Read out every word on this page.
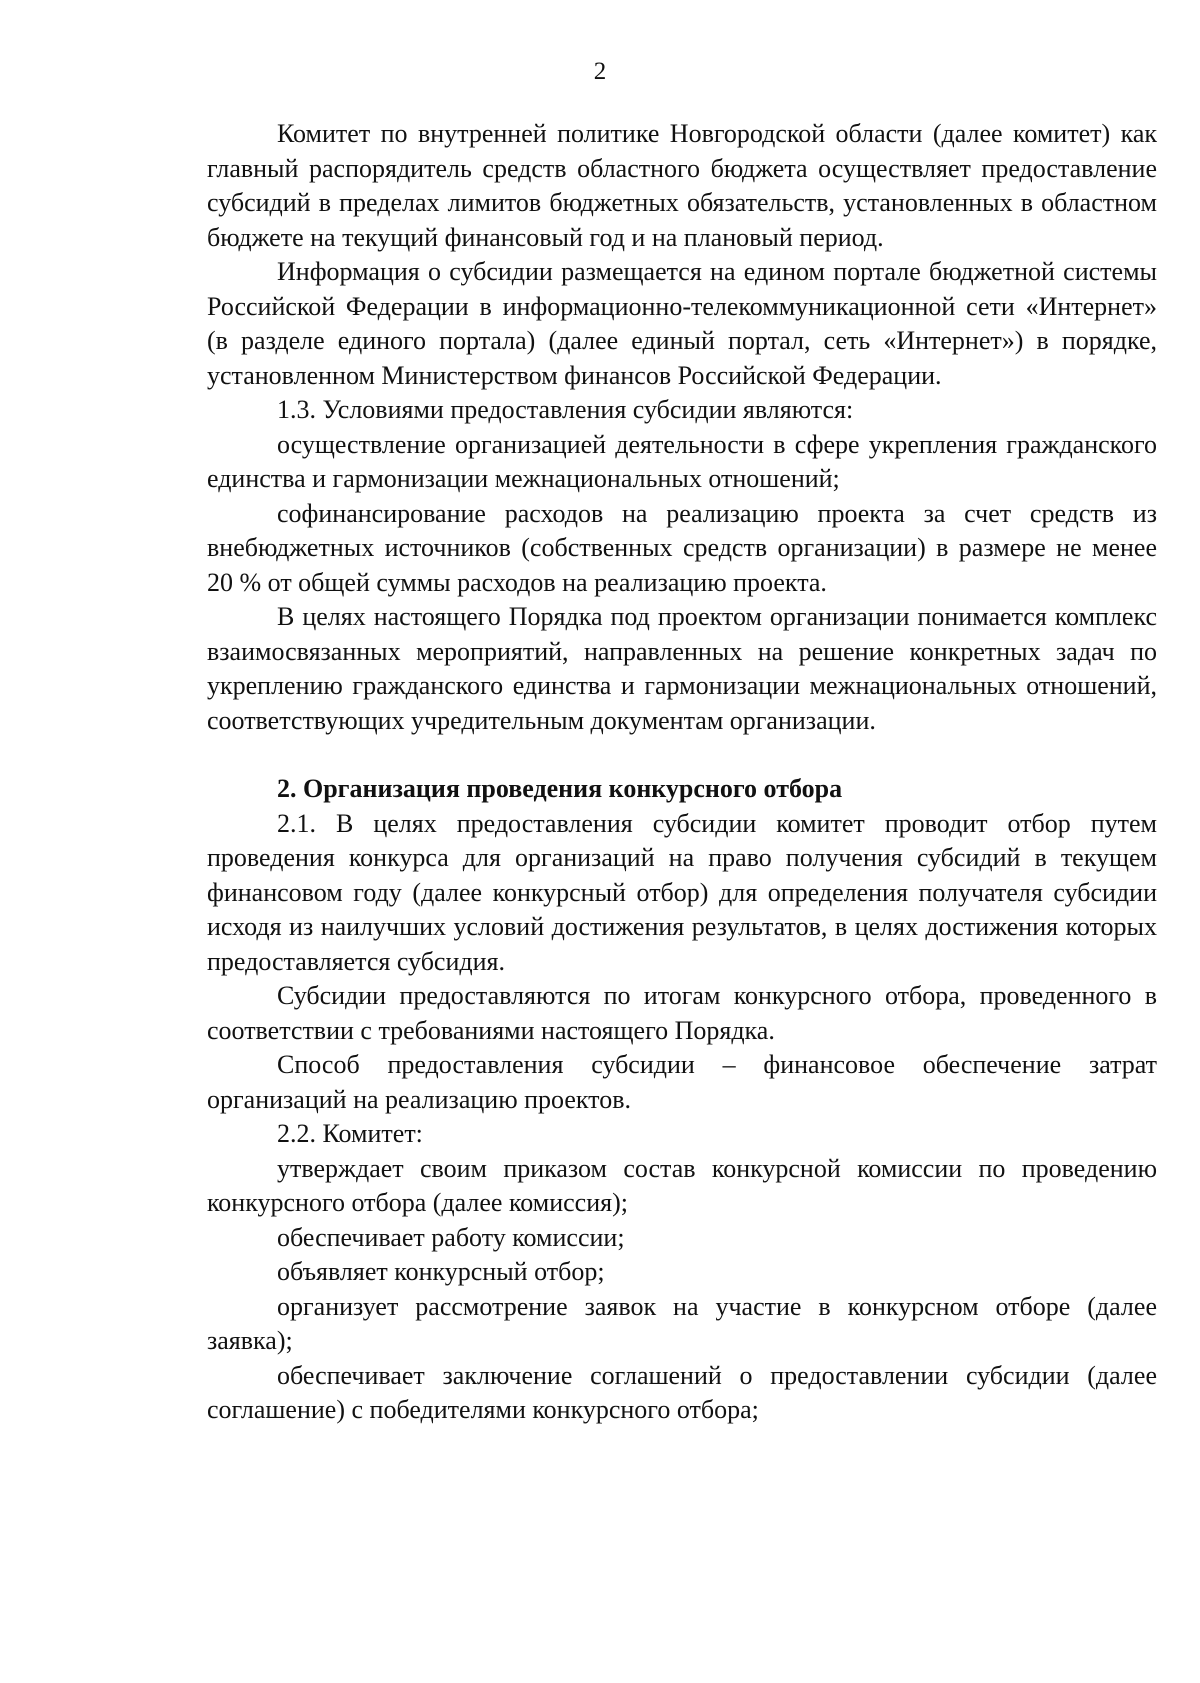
2

Комитет по внутренней политике Новгородской области (далее комитет) как главный распорядитель средств областного бюджета осуществляет предоставление субсидий в пределах лимитов бюджетных обязательств, установленных в областном бюджете на текущий финансовый год и на плановый период.

Информация о субсидии размещается на едином портале бюджетной системы Российской Федерации в информационно-телекоммуникационной сети «Интернет» (в разделе единого портала) (далее единый портал, сеть «Интернет») в порядке, установленном Министерством финансов Российской Федерации.

1.3. Условиями предоставления субсидии являются:

осуществление организацией деятельности в сфере укрепления гражданского единства и гармонизации межнациональных отношений;

софинансирование расходов на реализацию проекта за счет средств из внебюджетных источников (собственных средств организации) в размере не менее 20 % от общей суммы расходов на реализацию проекта.

В целях настоящего Порядка под проектом организации понимается комплекс взаимосвязанных мероприятий, направленных на решение конкретных задач по укреплению гражданского единства и гармонизации межнациональных отношений, соответствующих учредительным документам организации.

2. Организация проведения конкурсного отбора

2.1. В целях предоставления субсидии комитет проводит отбор путем проведения конкурса для организаций на право получения субсидий в текущем финансовом году (далее конкурсный отбор) для определения получателя субсидии исходя из наилучших условий достижения результатов, в целях достижения которых предоставляется субсидия.

Субсидии предоставляются по итогам конкурсного отбора, проведенного в соответствии с требованиями настоящего Порядка.

Способ предоставления субсидии – финансовое обеспечение затрат организаций на реализацию проектов.

2.2. Комитет:

утверждает своим приказом состав конкурсной комиссии по проведению конкурсного отбора (далее комиссия);

обеспечивает работу комиссии;

объявляет конкурсный отбор;

организует рассмотрение заявок на участие в конкурсном отборе (далее заявка);

обеспечивает заключение соглашений о предоставлении субсидии (далее соглашение) с победителями конкурсного отбора;
